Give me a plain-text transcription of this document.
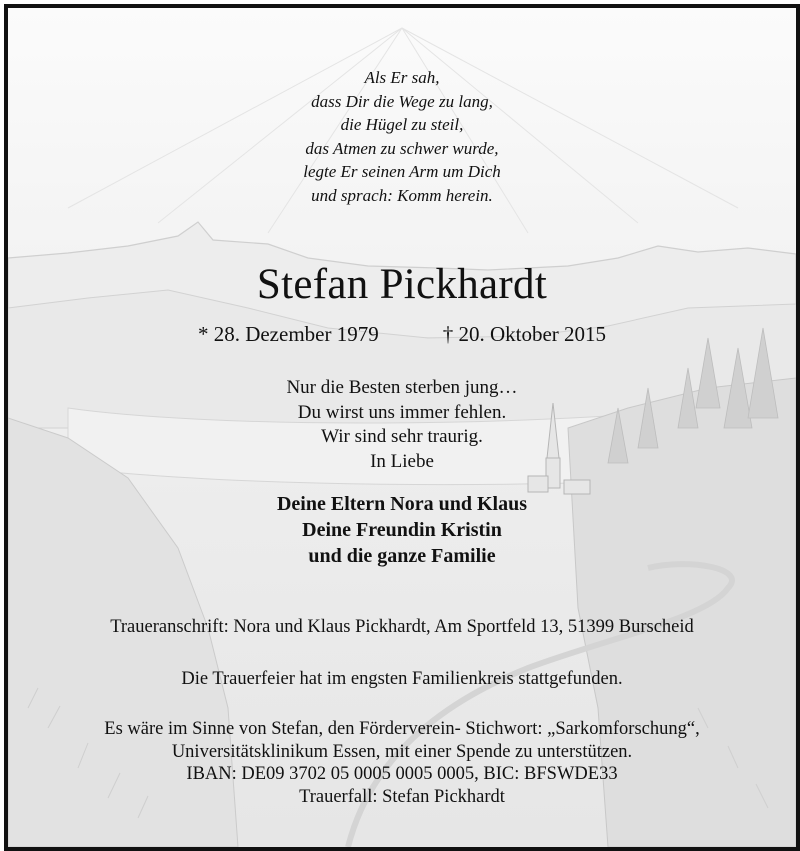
Als Er sah,
dass Dir die Wege zu lang,
die Hügel zu steil,
das Atmen zu schwer wurde,
legte Er seinen Arm um Dich
und sprach: Komm herein.
Stefan Pickhardt
* 28. Dezember 1979	† 20. Oktober 2015
Nur die Besten sterben jung…
Du wirst uns immer fehlen.
Wir sind sehr traurig.
In Liebe
Deine Eltern Nora und Klaus
Deine Freundin Kristin
und die ganze Familie
Traueranschrift: Nora und Klaus Pickhardt, Am Sportfeld 13, 51399 Burscheid
Die Trauerfeier hat im engsten Familienkreis stattgefunden.
Es wäre im Sinne von Stefan, den Förderverein- Stichwort: „Sarkomforschung“,
Universitätsklinikum Essen, mit einer Spende zu unterstützen.
IBAN: DE09 3702 05 0005 0005 0005, BIC: BFSWDE33
Trauerfall: Stefan Pickhardt
